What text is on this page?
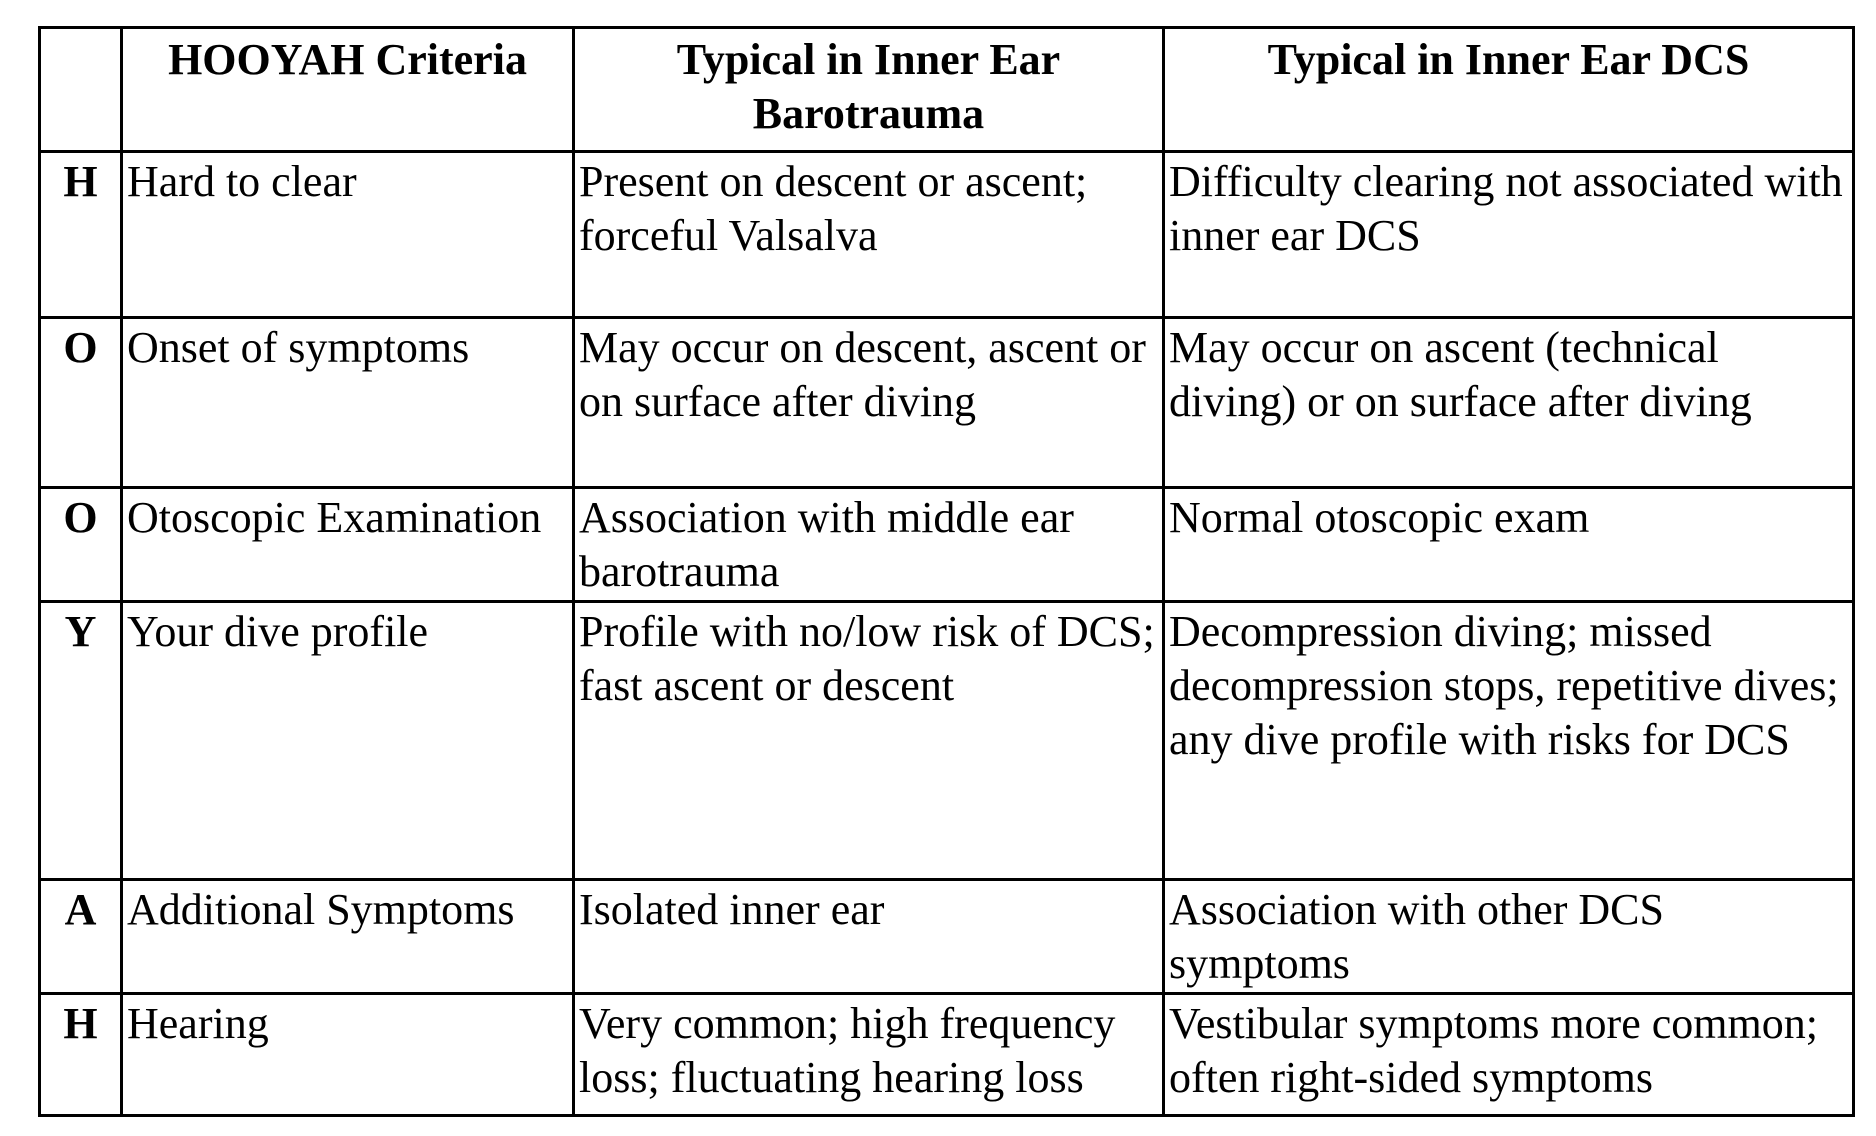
	HOOYAH Criteria	Typical in Inner Ear Barotrauma	Typical in Inner Ear DCS
H	Hard to clear	Present on descent or ascent; forceful Valsalva	Difficulty clearing not associated with inner ear DCS
O	Onset of symptoms	May occur on descent, ascent or on surface after diving	May occur on ascent (technical diving) or on surface after diving
O	Otoscopic Examination	Association with middle ear barotrauma	Normal otoscopic exam
Y	Your dive profile	Profile with no/low risk of DCS; fast ascent or descent	Decompression diving; missed decompression stops, repetitive dives; any dive profile with risks for DCS
A	Additional Symptoms	Isolated inner ear	Association with other DCS symptoms
H	Hearing	Very common; high frequency loss; fluctuating hearing loss	Vestibular symptoms more common; often right-sided symptoms
